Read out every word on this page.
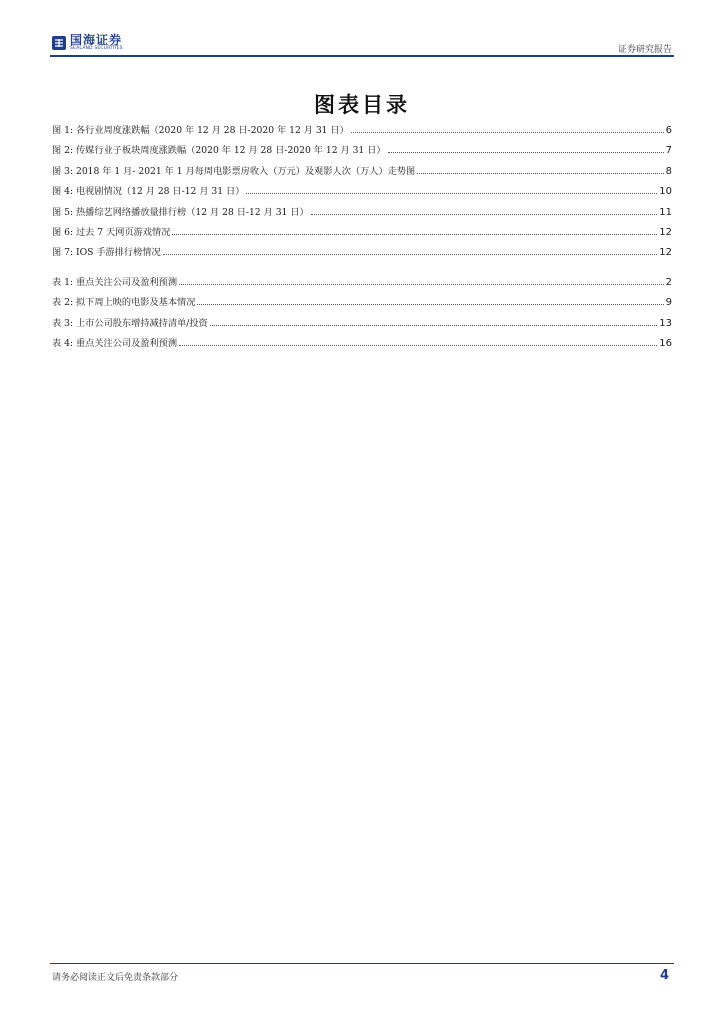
国海证券
SEALAND SECURITIES	证券研究报告
图表目录
图 1: 各行业周度涨跌幅（2020 年 12 月 28 日-2020 年 12 月 31 日）	6
图 2: 传媒行业子板块周度涨跌幅（2020 年 12 月 28 日-2020 年 12 月 31 日）	7
图 3: 2018 年 1 月- 2021 年 1 月每周电影票房收入（万元）及观影人次（万人）走势图	8
图 4: 电视剧情况（12 月 28 日-12 月 31 日）	10
图 5: 热播综艺网络播放量排行榜（12 月 28 日-12 月 31 日）	11
图 6: 过去 7 天网页游戏情况	12
图 7: IOS 手游排行榜情况	12
表 1: 重点关注公司及盈利预测	2
表 2: 拟下周上映的电影及基本情况	9
表 3: 上市公司股东增持减持清单/投资	13
表 4: 重点关注公司及盈利预测	16
请务必阅读正文后免责条款部分	4
